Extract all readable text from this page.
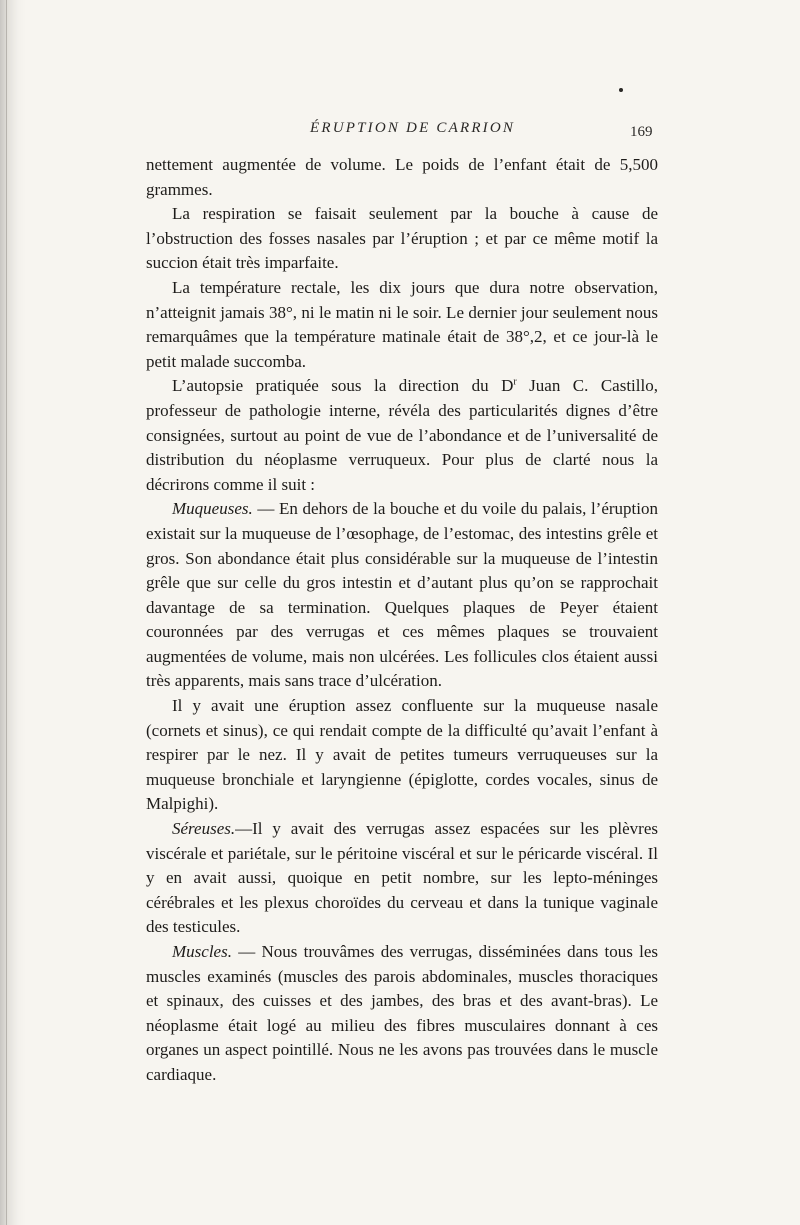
ÉRUPTION DE CARRION	169

nettement augmentée de volume. Le poids de l’enfant était de 5,500 grammes.

La respiration se faisait seulement par la bouche à cause de l’obstruction des fosses nasales par l’éruption ; et par ce même motif la succion était très imparfaite.

La température rectale, les dix jours que dura notre observation, n’atteignit jamais 38°, ni le matin ni le soir. Le dernier jour seulement nous remarquâmes que la température matinale était de 38°,2, et ce jour-là le petit malade succomba.

L’autopsie pratiquée sous la direction du $D^r$ Juan C. Castillo, professeur de pathologie interne, révéla des particularités dignes d’être consignées, surtout au point de vue de l’abondance et de l’universalité de distribution du néoplasme verruqueux. Pour plus de clarté nous la décrirons comme il suit :

Muqueuses. — En dehors de la bouche et du voile du palais, l’éruption existait sur la muqueuse de l’œsophage, de l’estomac, des intestins grêle et gros. Son abondance était plus considérable sur la muqueuse de l’intestin grêle que sur celle du gros intestin et d’autant plus qu’on se rapprochait davantage de sa termination. Quelques plaques de Peyer étaient couronnées par des verrugas et ces mêmes plaques se trouvaient augmentées de volume, mais non ulcérées. Les follicules clos étaient aussi très apparents, mais sans trace d’ulcération.

Il y avait une éruption assez confluente sur la muqueuse nasale (cornets et sinus), ce qui rendait compte de la difficulté qu’avait l’enfant à respirer par le nez. Il y avait de petites tumeurs verruqueuses sur la muqueuse bronchiale et laryngienne (épiglotte, cordes vocales, sinus de Malpighi).

Séreuses.—Il y avait des verrugas assez espacées sur les plèvres viscérale et pariétale, sur le péritoine viscéral et sur le péricarde viscéral. Il y en avait aussi, quoique en petit nombre, sur les lepto-méninges cérébrales et les plexus choroïdes du cerveau et dans la tunique vaginale des testicules.

Muscles. — Nous trouvâmes des verrugas, disséminées dans tous les muscles examinés (muscles des parois abdominales, muscles thoraciques et spinaux, des cuisses et des jambes, des bras et des avant-bras). Le néoplasme était logé au milieu des fibres musculaires donnant à ces organes un aspect pointillé. Nous ne les avons pas trouvées dans le muscle cardiaque.
